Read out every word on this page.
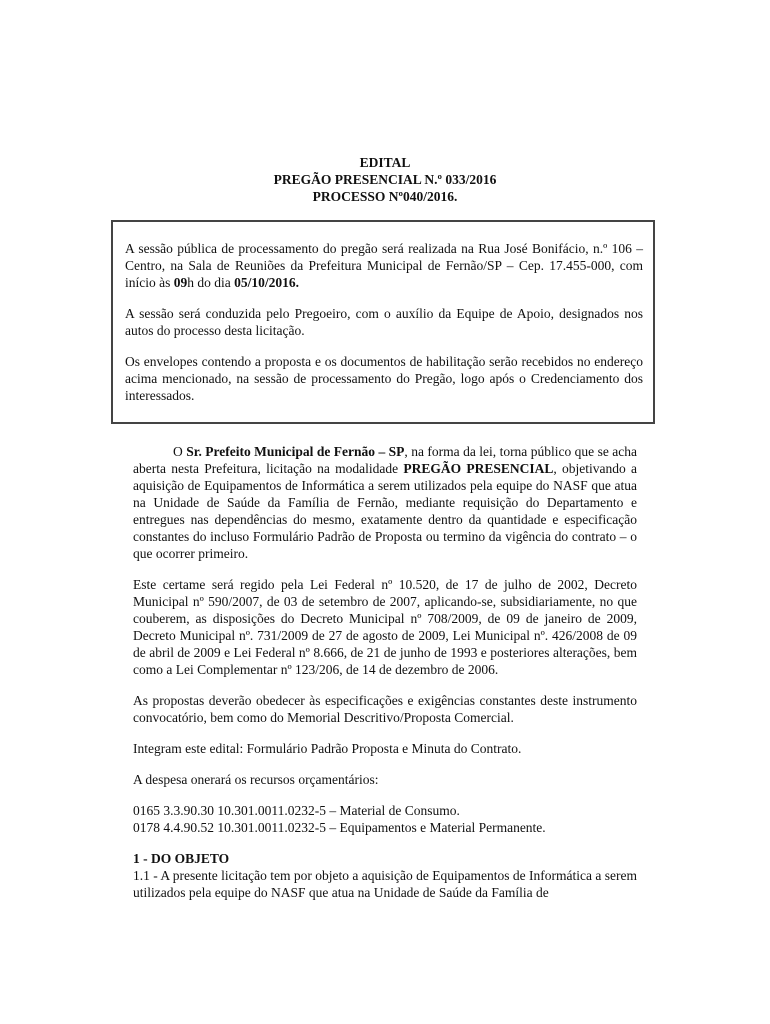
EDITAL
PREGÃO PRESENCIAL N.º 033/2016
PROCESSO Nº040/2016.

A sessão pública de processamento do pregão será realizada na Rua José Bonifácio, n.º 106 – Centro, na Sala de Reuniões da Prefeitura Municipal de Fernão/SP – Cep. 17.455-000, com início às 09h do dia 05/10/2016.

A sessão será conduzida pelo Pregoeiro, com o auxílio da Equipe de Apoio, designados nos autos do processo desta licitação.

Os envelopes contendo a proposta e os documentos de habilitação serão recebidos no endereço acima mencionado, na sessão de processamento do Pregão, logo após o Credenciamento dos interessados.

O Sr. Prefeito Municipal de Fernão – SP, na forma da lei, torna público que se acha aberta nesta Prefeitura, licitação na modalidade PREGÃO PRESENCIAL, objetivando a aquisição de Equipamentos de Informática a serem utilizados pela equipe do NASF que atua na Unidade de Saúde da Família de Fernão, mediante requisição do Departamento e entregues nas dependências do mesmo, exatamente dentro da quantidade e especificação constantes do incluso Formulário Padrão de Proposta ou termino da vigência do contrato – o que ocorrer primeiro.

Este certame será regido pela Lei Federal nº 10.520, de 17 de julho de 2002, Decreto Municipal nº 590/2007, de 03 de setembro de 2007, aplicando-se, subsidiariamente, no que couberem, as disposições do Decreto Municipal nº 708/2009, de 09 de janeiro de 2009, Decreto Municipal nº. 731/2009 de 27 de agosto de 2009, Lei Municipal nº. 426/2008 de 09 de abril de 2009 e Lei Federal nº 8.666, de 21 de junho de 1993 e posteriores alterações, bem como a Lei Complementar nº 123/206, de 14 de dezembro de 2006.

As propostas deverão obedecer às especificações e exigências constantes deste instrumento convocatório, bem como do Memorial Descritivo/Proposta Comercial.

Integram este edital: Formulário Padrão Proposta e Minuta do Contrato.

A despesa onerará os recursos orçamentários:

0165 3.3.90.30 10.301.0011.0232-5 – Material de Consumo.
0178 4.4.90.52 10.301.0011.0232-5 – Equipamentos e Material Permanente.

1 - DO OBJETO
1.1 - A presente licitação tem por objeto a aquisição de Equipamentos de Informática a serem utilizados pela equipe do NASF que atua na Unidade de Saúde da Família de
